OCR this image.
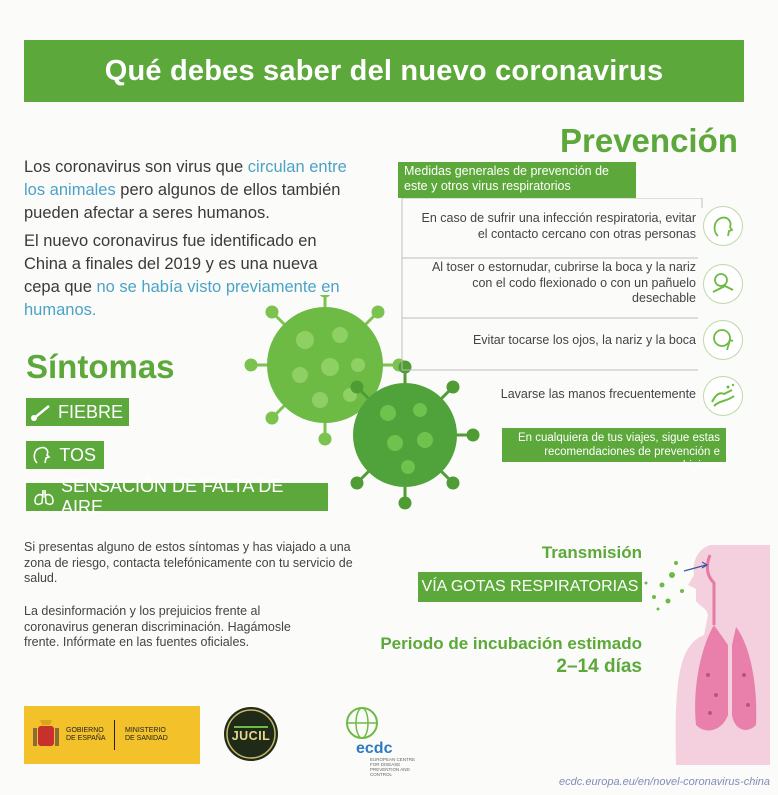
Qué debes saber del nuevo coronavirus

Los coronavirus son virus que circulan entre los animales pero algunos de ellos también pueden afectar a seres humanos.

El nuevo coronavirus fue identificado en China a finales del 2019 y es una nueva cepa que no se había visto previamente en humanos.

Síntomas
FIEBRE
TOS
SENSACIÓN DE FALTA DE AIRE

Si presentas alguno de estos síntomas y has viajado a una zona de riesgo, contacta telefónicamente con tu servicio de salud.

La desinformación y los prejuicios frente al coronavirus generan discriminación. Hagámosle frente. Infórmate en las fuentes oficiales.

Prevención
Medidas generales de prevención de este y otros virus respiratorios

En caso de sufrir una infección respiratoria, evitar el contacto cercano con otras personas

Al toser o estornudar, cubrirse la boca y la nariz con el codo flexionado o con un pañuelo desechable

Evitar tocarse los ojos, la nariz y la boca

Lavarse las manos frecuentemente

En cualquiera de tus viajes, sigue estas recomendaciones de prevención e higiene
Transmisión
VÍA GOTAS RESPIRATORIAS
Periodo de incubación estimado
2–14 días
GOBIERNO DE ESPAÑA
MINISTERIO DE SANIDAD	JUCIL
ecdc
EUROPEAN CENTRE FOR DISEASE PREVENTION AND CONTROL
ecdc.europa.eu/en/novel-coronavirus-china
